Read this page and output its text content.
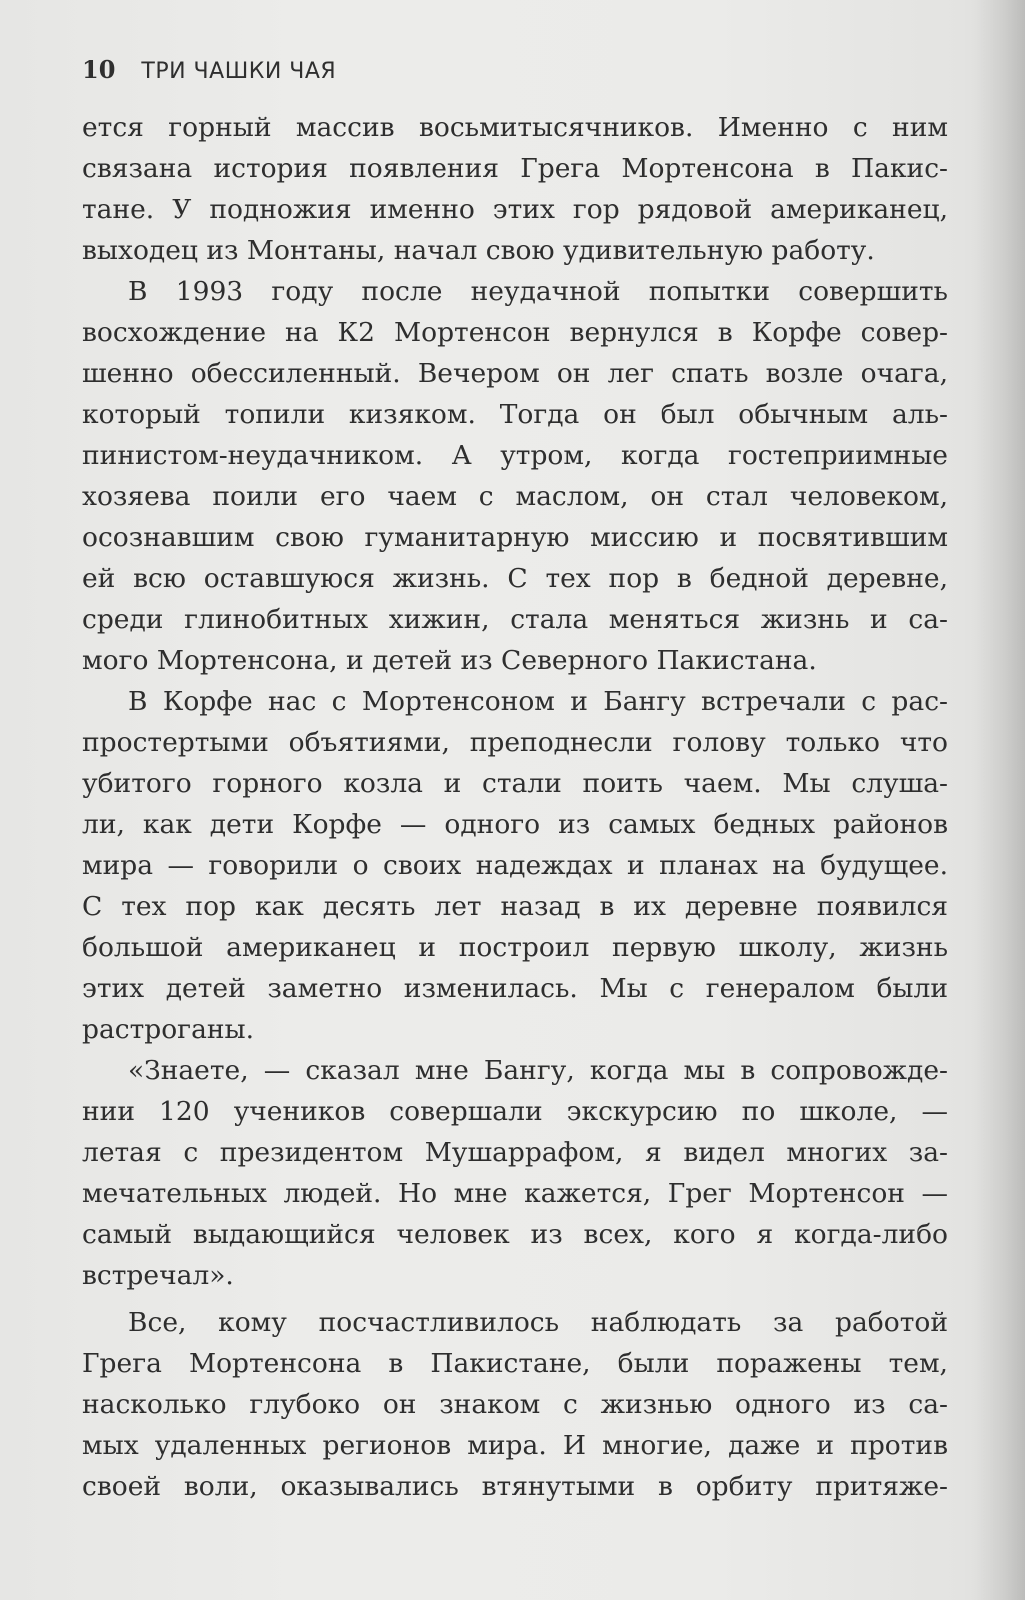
10 ТРИ ЧАШКИ ЧАЯ
ется горный массив восьмитысячников. Именно с ним
связана история появления Грега Мортенсона в Пакис-
тане. У подножия именно этих гор рядовой американец,
выходец из Монтаны, начал свою удивительную работу.
В 1993 году после неудачной попытки совершить
восхождение на К2 Мортенсон вернулся в Корфе совер-
шенно обессиленный. Вечером он лег спать возле очага,
который топили кизяком. Тогда он был обычным аль-
пинистом-неудачником. А утром, когда гостеприимные
хозяева поили его чаем с маслом, он стал человеком,
осознавшим свою гуманитарную миссию и посвятившим
ей всю оставшуюся жизнь. С тех пор в бедной деревне,
среди глинобитных хижин, стала меняться жизнь и са-
мого Мортенсона, и детей из Северного Пакистана.
В Корфе нас с Мортенсоном и Бангу встречали с рас-
простертыми объятиями, преподнесли голову только что
убитого горного козла и стали поить чаем. Мы слуша-
ли, как дети Корфе — одного из самых бедных районов
мира — говорили о своих надеждах и планах на будущее.
С тех пор как десять лет назад в их деревне появился
большой американец и построил первую школу, жизнь
этих детей заметно изменилась. Мы с генералом были
растроганы.
«Знаете, — сказал мне Бангу, когда мы в сопровожде-
нии 120 учеников совершали экскурсию по школе, —
летая с президентом Мушаррафом, я видел многих за-
мечательных людей. Но мне кажется, Грег Мортенсон —
самый выдающийся человек из всех, кого я когда-либо
встречал».
Все, кому посчастливилось наблюдать за работой
Грега Мортенсона в Пакистане, были поражены тем,
насколько глубоко он знаком с жизнью одного из са-
мых удаленных регионов мира. И многие, даже и против
своей воли, оказывались втянутыми в орбиту притяже-
